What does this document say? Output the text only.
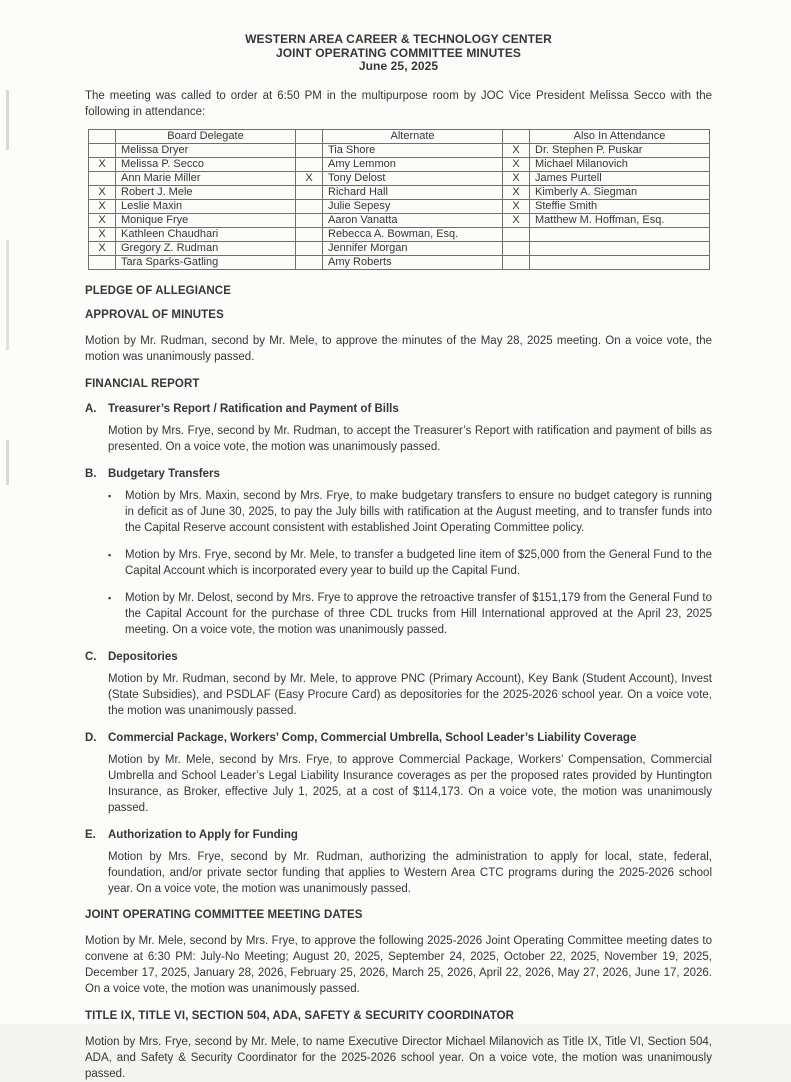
WESTERN AREA CAREER & TECHNOLOGY CENTER
JOINT OPERATING COMMITTEE MINUTES
June 25, 2025

The meeting was called to order at 6:50 PM in the multipurpose room by JOC Vice President Melissa Secco with the following in attendance:

	Board Delegate		Alternate		Also In Attendance
	Melissa Dryer		Tia Shore	X	Dr. Stephen P. Puskar
X	Melissa P. Secco		Amy Lemmon	X	Michael Milanovich
	Ann Marie Miller	X	Tony Delost	X	James Purtell
X	Robert J. Mele		Richard Hall	X	Kimberly A. Siegman
X	Leslie Maxin		Julie Sepesy	X	Steffie Smith
X	Monique Frye		Aaron Vanatta	X	Matthew M. Hoffman, Esq.
X	Kathleen Chaudhari		Rebecca A. Bowman, Esq.		
X	Gregory Z. Rudman		Jennifer Morgan		
	Tara Sparks-Gatling		Amy Roberts		
PLEDGE OF ALLEGIANCE
APPROVAL OF MINUTES

Motion by Mr. Rudman, second by Mr. Mele, to approve the minutes of the May 28, 2025 meeting. On a voice vote, the motion was unanimously passed.

FINANCIAL REPORT
A.	Treasurer’s Report / Ratification and Payment of Bills

Motion by Mrs. Frye, second by Mr. Rudman, to accept the Treasurer’s Report with ratification and payment of bills as presented. On a voice vote, the motion was unanimously passed.

B.	Budgetary Transfers
▪ Motion by Mrs. Maxin, second by Mrs. Frye, to make budgetary transfers to ensure no budget category is running in deficit as of June 30, 2025, to pay the July bills with ratification at the August meeting, and to transfer funds into the Capital Reserve account consistent with established Joint Operating Committee policy.
▪ Motion by Mrs. Frye, second by Mr. Mele, to transfer a budgeted line item of $25,000 from the General Fund to the Capital Account which is incorporated every year to build up the Capital Fund.
▪ Motion by Mr. Delost, second by Mrs. Frye to approve the retroactive transfer of $151,179 from the General Fund to the Capital Account for the purchase of three CDL trucks from Hill International approved at the April 23, 2025 meeting. On a voice vote, the motion was unanimously passed.
C.	Depositories

Motion by Mr. Rudman, second by Mr. Mele, to approve PNC (Primary Account), Key Bank (Student Account), Invest (State Subsidies), and PSDLAF (Easy Procure Card) as depositories for the 2025-2026 school year. On a voice vote, the motion was unanimously passed.

D.	Commercial Package, Workers’ Comp, Commercial Umbrella, School Leader’s Liability Coverage

Motion by Mr. Mele, second by Mrs. Frye, to approve Commercial Package, Workers’ Compensation, Commercial Umbrella and School Leader’s Legal Liability Insurance coverages as per the proposed rates provided by Huntington Insurance, as Broker, effective July 1, 2025, at a cost of $114,173. On a voice vote, the motion was unanimously passed.

E.	Authorization to Apply for Funding

Motion by Mrs. Frye, second by Mr. Rudman, authorizing the administration to apply for local, state, federal, foundation, and/or private sector funding that applies to Western Area CTC programs during the 2025-2026 school year. On a voice vote, the motion was unanimously passed.

JOINT OPERATING COMMITTEE MEETING DATES

Motion by Mr. Mele, second by Mrs. Frye, to approve the following 2025-2026 Joint Operating Committee meeting dates to convene at 6:30 PM: July-No Meeting; August 20, 2025, September 24, 2025, October 22, 2025, November 19, 2025, December 17, 2025, January 28, 2026, February 25, 2026, March 25, 2026, April 22, 2026, May 27, 2026, June 17, 2026. On a voice vote, the motion was unanimously passed.

TITLE IX, TITLE VI, SECTION 504, ADA, SAFETY & SECURITY COORDINATOR

Motion by Mrs. Frye, second by Mr. Mele, to name Executive Director Michael Milanovich as Title IX, Title VI, Section 504, ADA, and Safety & Security Coordinator for the 2025-2026 school year. On a voice vote, the motion was unanimously passed.
